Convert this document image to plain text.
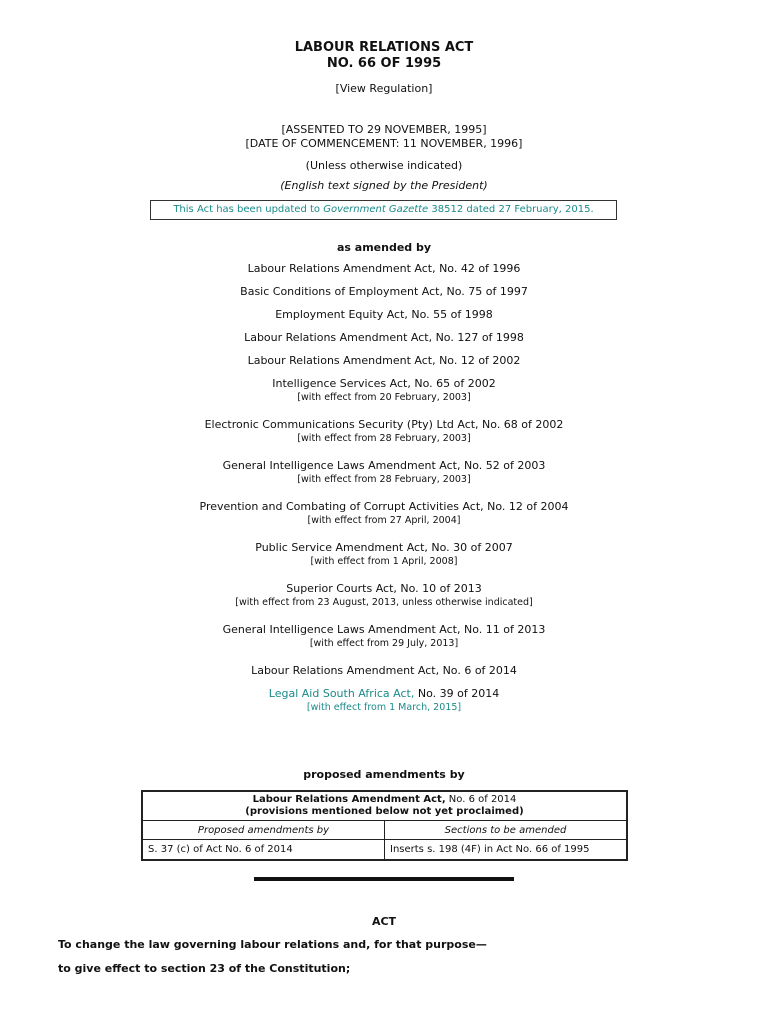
LABOUR RELATIONS ACT
NO. 66 OF 1995
[View Regulation]
[ASSENTED TO 29 NOVEMBER, 1995]
[DATE OF COMMENCEMENT: 11 NOVEMBER, 1996]
(Unless otherwise indicated)
(English text signed by the President)
This Act has been updated to Government Gazette 38512 dated 27 February, 2015.
as amended by
Labour Relations Amendment Act, No. 42 of 1996
Basic Conditions of Employment Act, No. 75 of 1997
Employment Equity Act, No. 55 of 1998
Labour Relations Amendment Act, No. 127 of 1998
Labour Relations Amendment Act, No. 12 of 2002
Intelligence Services Act, No. 65 of 2002
[with effect from 20 February, 2003]
Electronic Communications Security (Pty) Ltd Act, No. 68 of 2002
[with effect from 28 February, 2003]
General Intelligence Laws Amendment Act, No. 52 of 2003
[with effect from 28 February, 2003]
Prevention and Combating of Corrupt Activities Act, No. 12 of 2004
[with effect from 27 April, 2004]
Public Service Amendment Act, No. 30 of 2007
[with effect from 1 April, 2008]
Superior Courts Act, No. 10 of 2013
[with effect from 23 August, 2013, unless otherwise indicated]
General Intelligence Laws Amendment Act, No. 11 of 2013
[with effect from 29 July, 2013]
Labour Relations Amendment Act, No. 6 of 2014
Legal Aid South Africa Act, No. 39 of 2014
[with effect from 1 March, 2015]
proposed amendments by
Labour Relations Amendment Act, No. 6 of 2014
(provisions mentioned below not yet proclaimed)	
Proposed amendments by	Sections to be amended
S. 37 (c) of Act No. 6 of 2014	Inserts s. 198 (4F) in Act No. 66 of 1995
ACT
To change the law governing labour relations and, for that purpose—
to give effect to section 23 of the Constitution;
